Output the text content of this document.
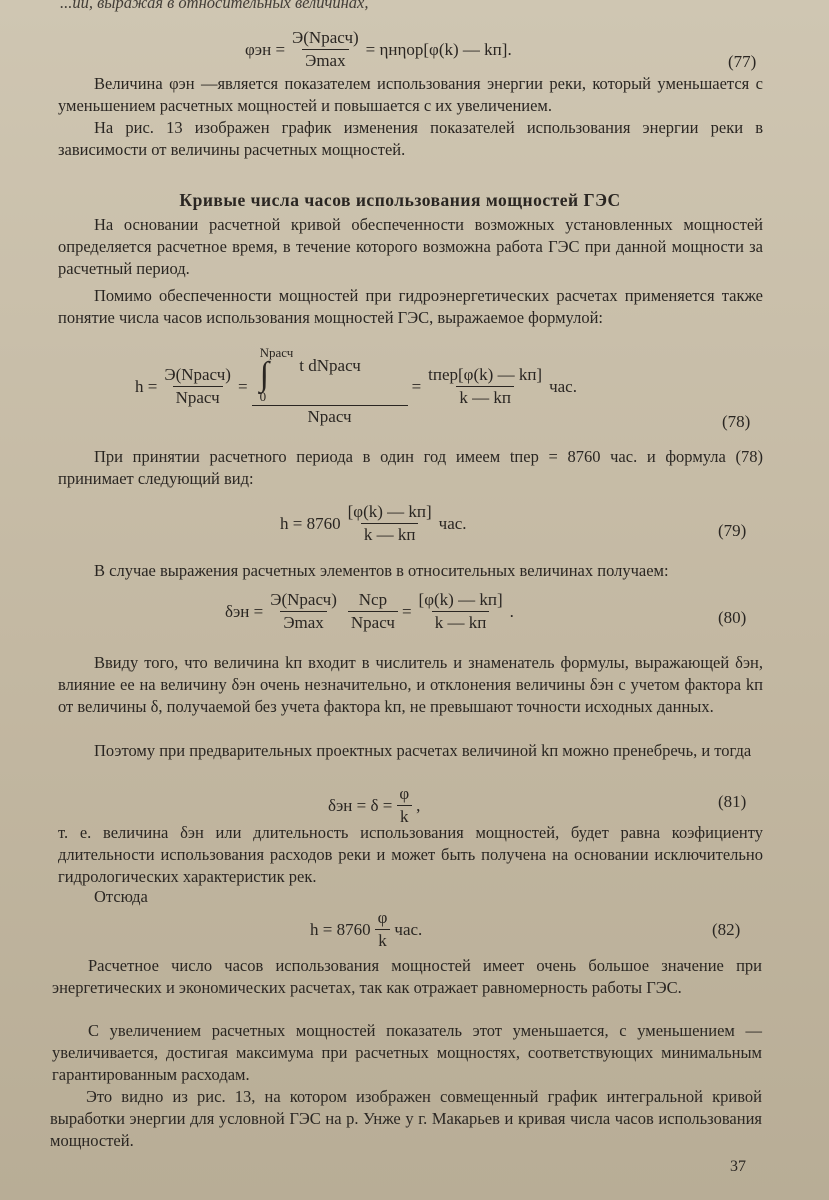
...ии, выражая в относительных величинах,
$\varphi эн = \frac{\text{Э(Nрасч)}}{Э\max} = \eta н\eta ор[\varphi(k)$ — kп].
(77)
Величина φэн —является показателем использования энергии реки, который уменьшается с уменьшением расчетных мощностей и повышается с их увеличением.
На рис. 13 изображен график изменения показателей использования энергии реки в зависимости от величины расчетных мощностей.
Кривые числа часов использования мощностей ГЭС
На основании расчетной кривой обеспеченности возможных установленных мощностей определяется расчетное время, в течение которого возможна работа ГЭС при данной мощности за расчетный период.
Помимо обеспеченности мощностей при гидроэнергетических расчетах применяется также понятие числа часов использования мощностей ГЭС, выражаемое формулой:
$h = \frac{\text{Э(Nрасч)}}{\text{Nрасч}}$ = Nрасч
∫
0
t dNрасч
Nрасч = $\frac{\text{tпер[φ(k) — kп]}}{k — kп}$ час.
(78)
При принятии расчетного периода в один год имеем tпер = 8760 час. и формула (78) принимает следующий вид:
$h = 8760 \frac{[\varphi(k) — kп]}{k — kп}$ час.	(79)
В случае выражения расчетных элементов в относительных величинах получаем:
$\delta эн = \frac{\text{Э(Nрасч)}}{Э\max} \frac{\text{Nср}}{\text{Nрасч}} = \frac{[\varphi(k) — kп]}{k — kп}$ .	(80)
Ввиду того, что величина kп входит в числитель и знаменатель формулы, выражающей δэн, влияние ее на величину δэн очень незначительно, и отклонения величины δэн с учетом фактора kп от величины δ, получаемой без учета фактора kп, не превышают точности исходных данных.
Поэтому при предварительных проектных расчетах величиной kп можно пренебречь, и тогда
$\delta эн = \delta = \frac{\varphi}{k}$ ,	(81)
т. е. величина δэн или длительность использования мощностей, будет равна коэфициенту длительности использования расходов реки и может быть получена на основании исключительно гидрологических характеристик рек.
Отсюда
$h = 8760 \frac{\varphi}{k}$ час.	(82)
Расчетное число часов использования мощностей имеет очень большое значение при энергетических и экономических расчетах, так как отражает равномерность работы ГЭС.
С увеличением расчетных мощностей показатель этот уменьшается, с уменьшением — увеличивается, достигая максимума при расчетных мощностях, соответствующих минимальным гарантированным расходам.
Это видно из рис. 13, на котором изображен совмещенный график интегральной кривой выработки энергии для условной ГЭС на р. Унже у г. Макарьев и кривая числа часов использования мощностей.
37
